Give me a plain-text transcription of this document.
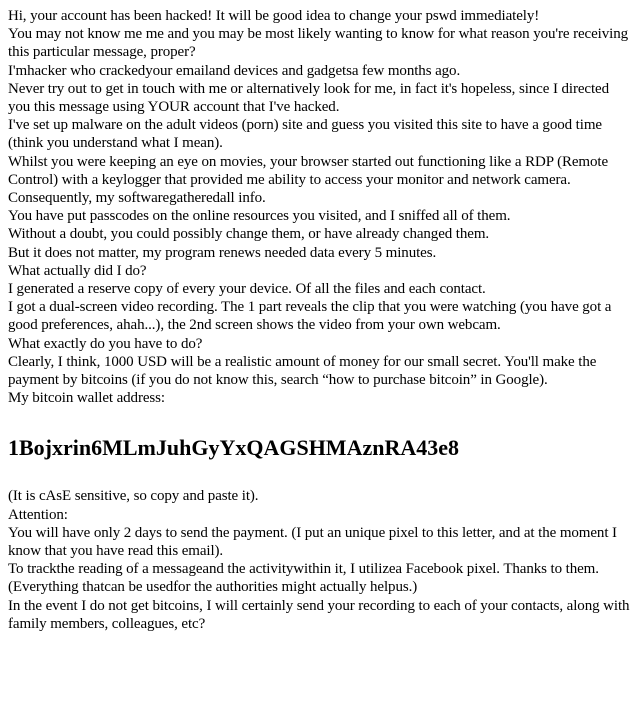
Hi, your account has been hacked! It will be good idea to change your pswd immediately!

You may not know me me and you may be most likely wanting to know for what reason you're receiving this particular message, proper?

I'mhacker who crackedyour emailand devices and gadgetsa few months ago.

Never try out to get in touch with me or alternatively look for me, in fact it's hopeless, since I directed you this message using YOUR account that I've hacked.

I've set up malware on the adult videos (porn) site and guess you visited this site to have a good time (think you understand what I mean).

Whilst you were keeping an eye on movies, your browser started out functioning like a RDP (Remote Control) with a keylogger that provided me ability to access your monitor and network camera.

Consequently, my softwaregatheredall info.

You have put passcodes on the online resources you visited, and I sniffed all of them.

Without a doubt, you could possibly change them, or have already changed them.

But it does not matter, my program renews needed data every 5 minutes.

What actually did I do?

I generated a reserve copy of every your device. Of all the files and each contact.

I got a dual-screen video recording. The 1 part reveals the clip that you were watching (you have got a good preferences, ahah...), the 2nd screen shows the video from your own webcam.

What exactly do you have to do?

Clearly, I think, 1000 USD will be a realistic amount of money for our small secret. You'll make the payment by bitcoins (if you do not know this, search “how to purchase bitcoin” in Google).

My bitcoin wallet address:

1Bojxrin6MLmJuhGyYxQAGSHMAznRA43e8

(It is cAsE sensitive, so copy and paste it).

Attention:

You will have only 2 days to send the payment. (I put an unique pixel to this letter, and at the moment I know that you have read this email).

To trackthe reading of a messageand the activitywithin it, I utilizea Facebook pixel. Thanks to them. (Everything thatcan be usedfor the authorities might actually helpus.)

In the event I do not get bitcoins, I will certainly send your recording to each of your contacts, along with family members, colleagues, etc?
